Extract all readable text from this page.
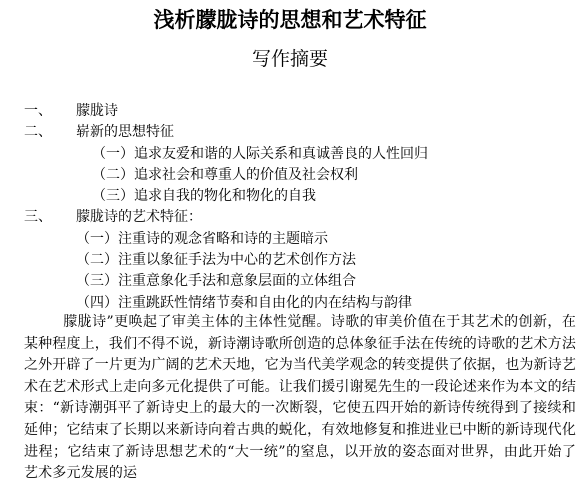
浅析朦胧诗的思想和艺术特征
写作摘要
一、 朦胧诗
二、 崭新的思想特征
（一）追求友爱和谐的人际关系和真诚善良的人性回归
（二）追求社会和尊重人的价值及社会权利
（三）追求自我的物化和物化的自我
三、 朦胧诗的艺术特征：
（一）注重诗的观念省略和诗的主题暗示
（二）注重以象征手法为中心的艺术创作方法
（三）注重意象化手法和意象层面的立体组合
（四）注重跳跃性情绪节奏和自由化的内在结构与韵律
朦胧诗”更唤起了审美主体的主体性觉醒。诗歌的审美价值在于其艺术的创新，在某种程度上，我们不得不说，新诗潮诗歌所创造的总体象征手法在传统的诗歌的艺术方法之外开辟了一片更为广阔的艺术天地，它为当代美学观念的转变提供了依据，也为新诗艺术在艺术形式上走向多元化提供了可能。让我们援引谢冕先生的一段论述来作为本文的结束：“新诗潮弭平了新诗史上的最大的一次断裂，它使五四开始的新诗传统得到了接续和延伸；它结束了长期以来新诗向着古典的蜕化，有效地修复和推进业已中断的新诗现代化进程；它结束了新诗思想艺术的“大一统”的窒息，以开放的姿态面对世界，由此开始了艺术多元发展的运
